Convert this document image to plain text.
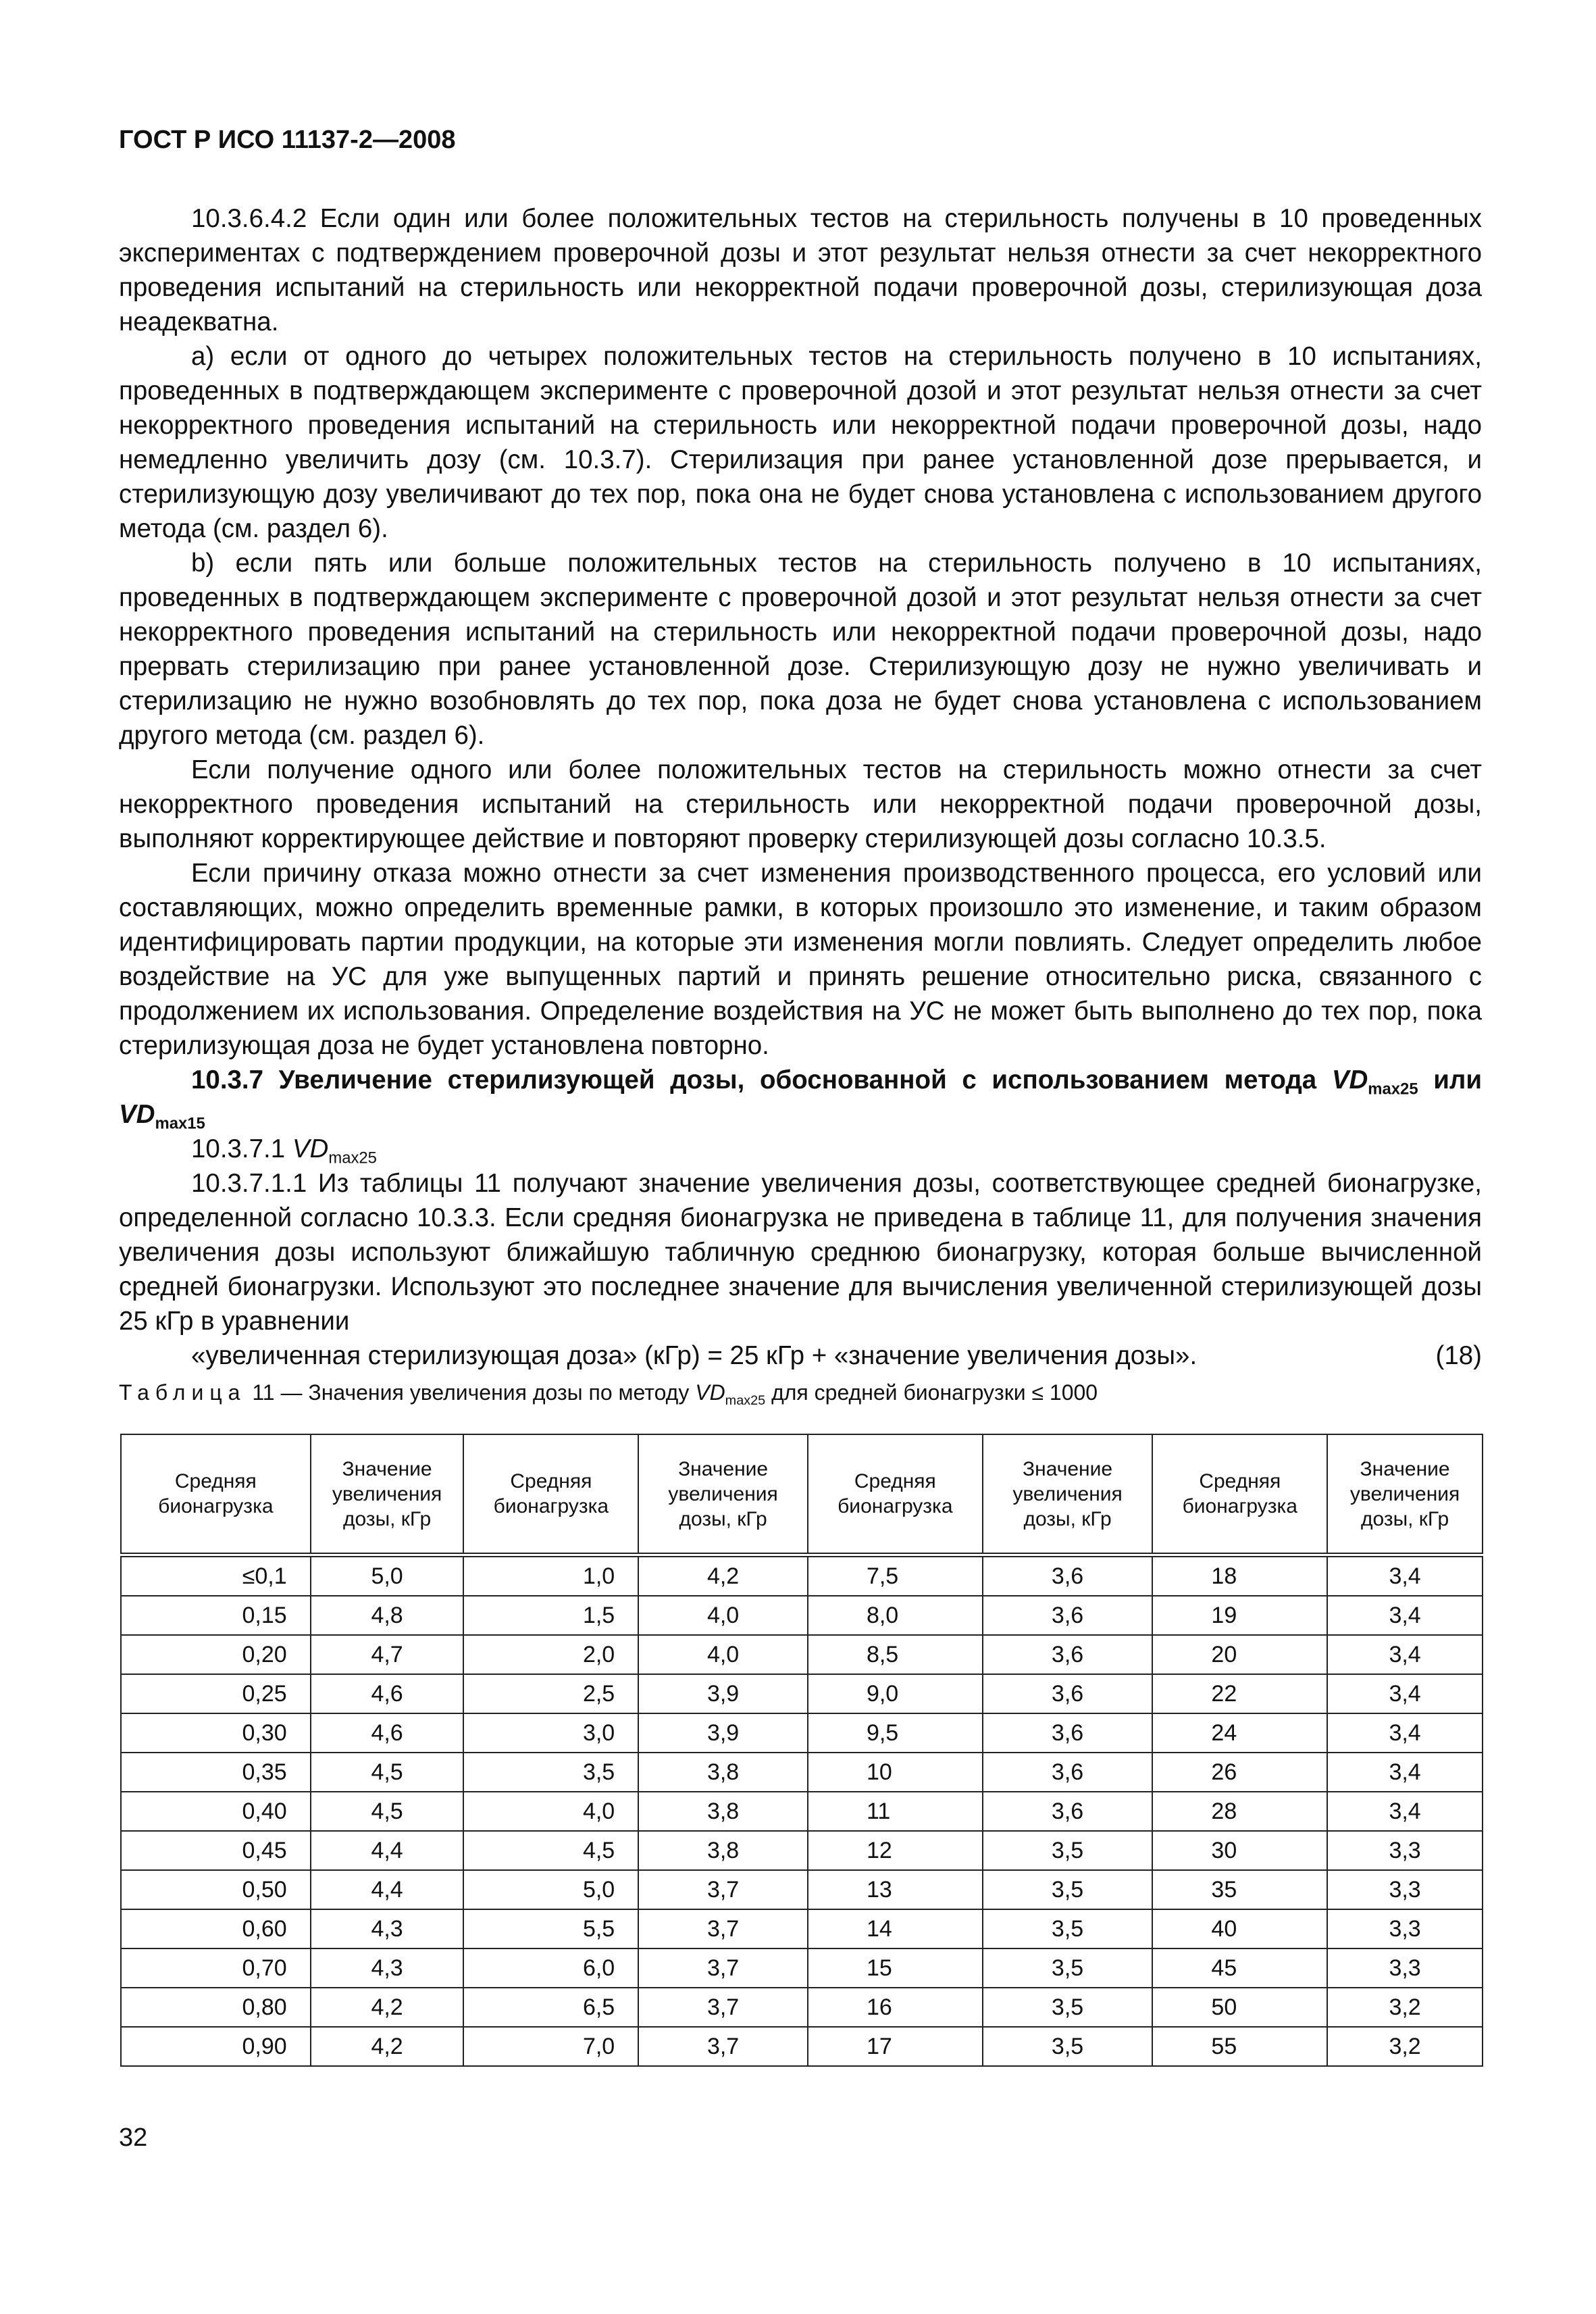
ГОСТ Р ИСО 11137-2—2008

10.3.6.4.2 Если один или более положительных тестов на стерильность получены в 10 проведенных экспериментах с подтверждением проверочной дозы и этот результат нельзя отнести за счет некорректного проведения испытаний на стерильность или некорректной подачи проверочной дозы, стерилизующая доза неадекватна.

а) если от одного до четырех положительных тестов на стерильность получено в 10 испытаниях, проведенных в подтверждающем эксперименте с проверочной дозой и этот результат нельзя отнести за счет некорректного проведения испытаний на стерильность или некорректной подачи проверочной дозы, надо немедленно увеличить дозу (см. 10.3.7). Стерилизация при ранее установленной дозе прерывается, и стерилизующую дозу увеличивают до тех пор, пока она не будет снова установлена с использованием другого метода (см. раздел 6).

b) если пять или больше положительных тестов на стерильность получено в 10 испытаниях, проведенных в подтверждающем эксперименте с проверочной дозой и этот результат нельзя отнести за счет некорректного проведения испытаний на стерильность или некорректной подачи проверочной дозы, надо прервать стерилизацию при ранее установленной дозе. Стерилизующую дозу не нужно увеличивать и стерилизацию не нужно возобновлять до тех пор, пока доза не будет снова установлена с использованием другого метода (см. раздел 6).

Если получение одного или более положительных тестов на стерильность можно отнести за счет некорректного проведения испытаний на стерильность или некорректной подачи проверочной дозы, выполняют корректирующее действие и повторяют проверку стерилизующей дозы согласно 10.3.5.

Если причину отказа можно отнести за счет изменения производственного процесса, его условий или составляющих, можно определить временные рамки, в которых произошло это изменение, и таким образом идентифицировать партии продукции, на которые эти изменения могли повлиять. Следует определить любое воздействие на УС для уже выпущенных партий и принять решение относительно риска, связанного с продолжением их использования. Определение воздействия на УС не может быть выполнено до тех пор, пока стерилизующая доза не будет установлена повторно.

10.3.7 Увеличение стерилизующей дозы, обоснованной с использованием метода $VD_{max25}$ или $VD_{max15}$

10.3.7.1 $VD_{max25}$

10.3.7.1.1 Из таблицы 11 получают значение увеличения дозы, соответствующее средней бионагрузке, определенной согласно 10.3.3. Если средняя бионагрузка не приведена в таблице 11, для получения значения увеличения дозы используют ближайшую табличную среднюю бионагрузку, которая больше вычисленной средней бионагрузки. Используют это последнее значение для вычисления увеличенной стерилизующей дозы 25 кГр в уравнении

«увеличенная стерилизующая доза» (кГр) = 25 кГр + «значение увеличения дозы».	(18)

Таблица 11 — Значения увеличения дозы по методу $VD_{max25}$ для средней бионагрузки ≤ 1000
Средняя бионагрузка	Значение увеличения дозы, кГр	Средняя бионагрузка	Значение увеличения дозы, кГр	Средняя бионагрузка	Значение увеличения дозы, кГр	Средняя бионагрузка	Значение увеличения дозы, кГр
≤0,1	5,0	1,0	4,2	7,5	3,6	18	3,4
0,15	4,8	1,5	4,0	8,0	3,6	19	3,4
0,20	4,7	2,0	4,0	8,5	3,6	20	3,4
0,25	4,6	2,5	3,9	9,0	3,6	22	3,4
0,30	4,6	3,0	3,9	9,5	3,6	24	3,4
0,35	4,5	3,5	3,8	10	3,6	26	3,4
0,40	4,5	4,0	3,8	11	3,6	28	3,4
0,45	4,4	4,5	3,8	12	3,5	30	3,3
0,50	4,4	5,0	3,7	13	3,5	35	3,3
0,60	4,3	5,5	3,7	14	3,5	40	3,3
0,70	4,3	6,0	3,7	15	3,5	45	3,3
0,80	4,2	6,5	3,7	16	3,5	50	3,2
0,90	4,2	7,0	3,7	17	3,5	55	3,2
32
